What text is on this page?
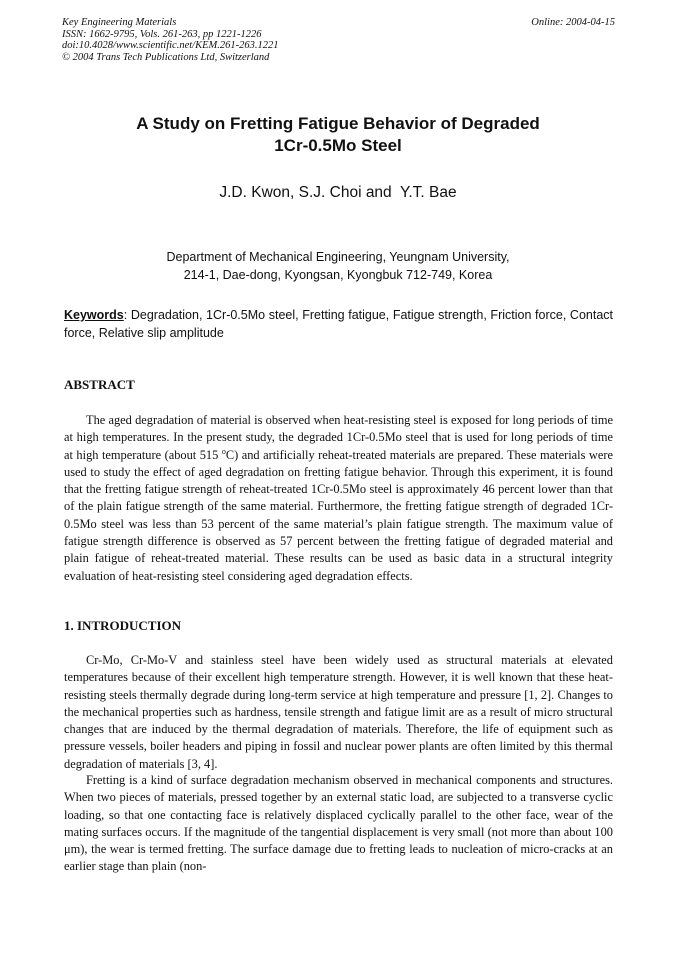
Key Engineering Materials
ISSN: 1662-9795, Vols. 261-263, pp 1221-1226
doi:10.4028/www.scientific.net/KEM.261-263.1221
© 2004 Trans Tech Publications Ltd, Switzerland
Online: 2004-04-15
A Study on Fretting Fatigue Behavior of Degraded
1Cr-0.5Mo Steel
J.D. Kwon, S.J. Choi and  Y.T. Bae
Department of Mechanical Engineering, Yeungnam University,
214-1, Dae-dong, Kyongsan, Kyongbuk 712-749, Korea
Keywords: Degradation, 1Cr-0.5Mo steel, Fretting fatigue, Fatigue strength, Friction force, Contact force, Relative slip amplitude
ABSTRACT

The aged degradation of material is observed when heat-resisting steel is exposed for long periods of time at high temperatures. In the present study, the degraded 1Cr-0.5Mo steel that is used for long periods of time at high temperature (about 515 $^o$C) and artificially reheat-treated materials are prepared. These materials were used to study the effect of aged degradation on fretting fatigue behavior. Through this experiment, it is found that the fretting fatigue strength of reheat-treated 1Cr-0.5Mo steel is approximately 46 percent lower than that of the plain fatigue strength of the same material. Furthermore, the fretting fatigue strength of degraded 1Cr-0.5Mo steel was less than 53 percent of the same material’s plain fatigue strength. The maximum value of fatigue strength difference is observed as 57 percent between the fretting fatigue of degraded material and plain fatigue of reheat-treated material. These results can be used as basic data in a structural integrity evaluation of heat-resisting steel considering aged degradation effects.

1. INTRODUCTION

Cr-Mo, Cr-Mo-V and stainless steel have been widely used as structural materials at elevated temperatures because of their excellent high temperature strength. However, it is well known that these heat-resisting steels thermally degrade during long-term service at high temperature and pressure [1, 2]. Changes to the mechanical properties such as hardness, tensile strength and fatigue limit are as a result of micro structural changes that are induced by the thermal degradation of materials. Therefore, the life of equipment such as pressure vessels, boiler headers and piping in fossil and nuclear power plants are often limited by this thermal degradation of materials [3, 4].

Fretting is a kind of surface degradation mechanism observed in mechanical components and structures. When two pieces of materials, pressed together by an external static load, are subjected to a transverse cyclic loading, so that one contacting face is relatively displaced cyclically parallel to the other face, wear of the mating surfaces occurs. If the magnitude of the tangential displacement is very small (not more than about 100 μm), the wear is termed fretting. The surface damage due to fretting leads to nucleation of micro-cracks at an earlier stage than plain (non-
